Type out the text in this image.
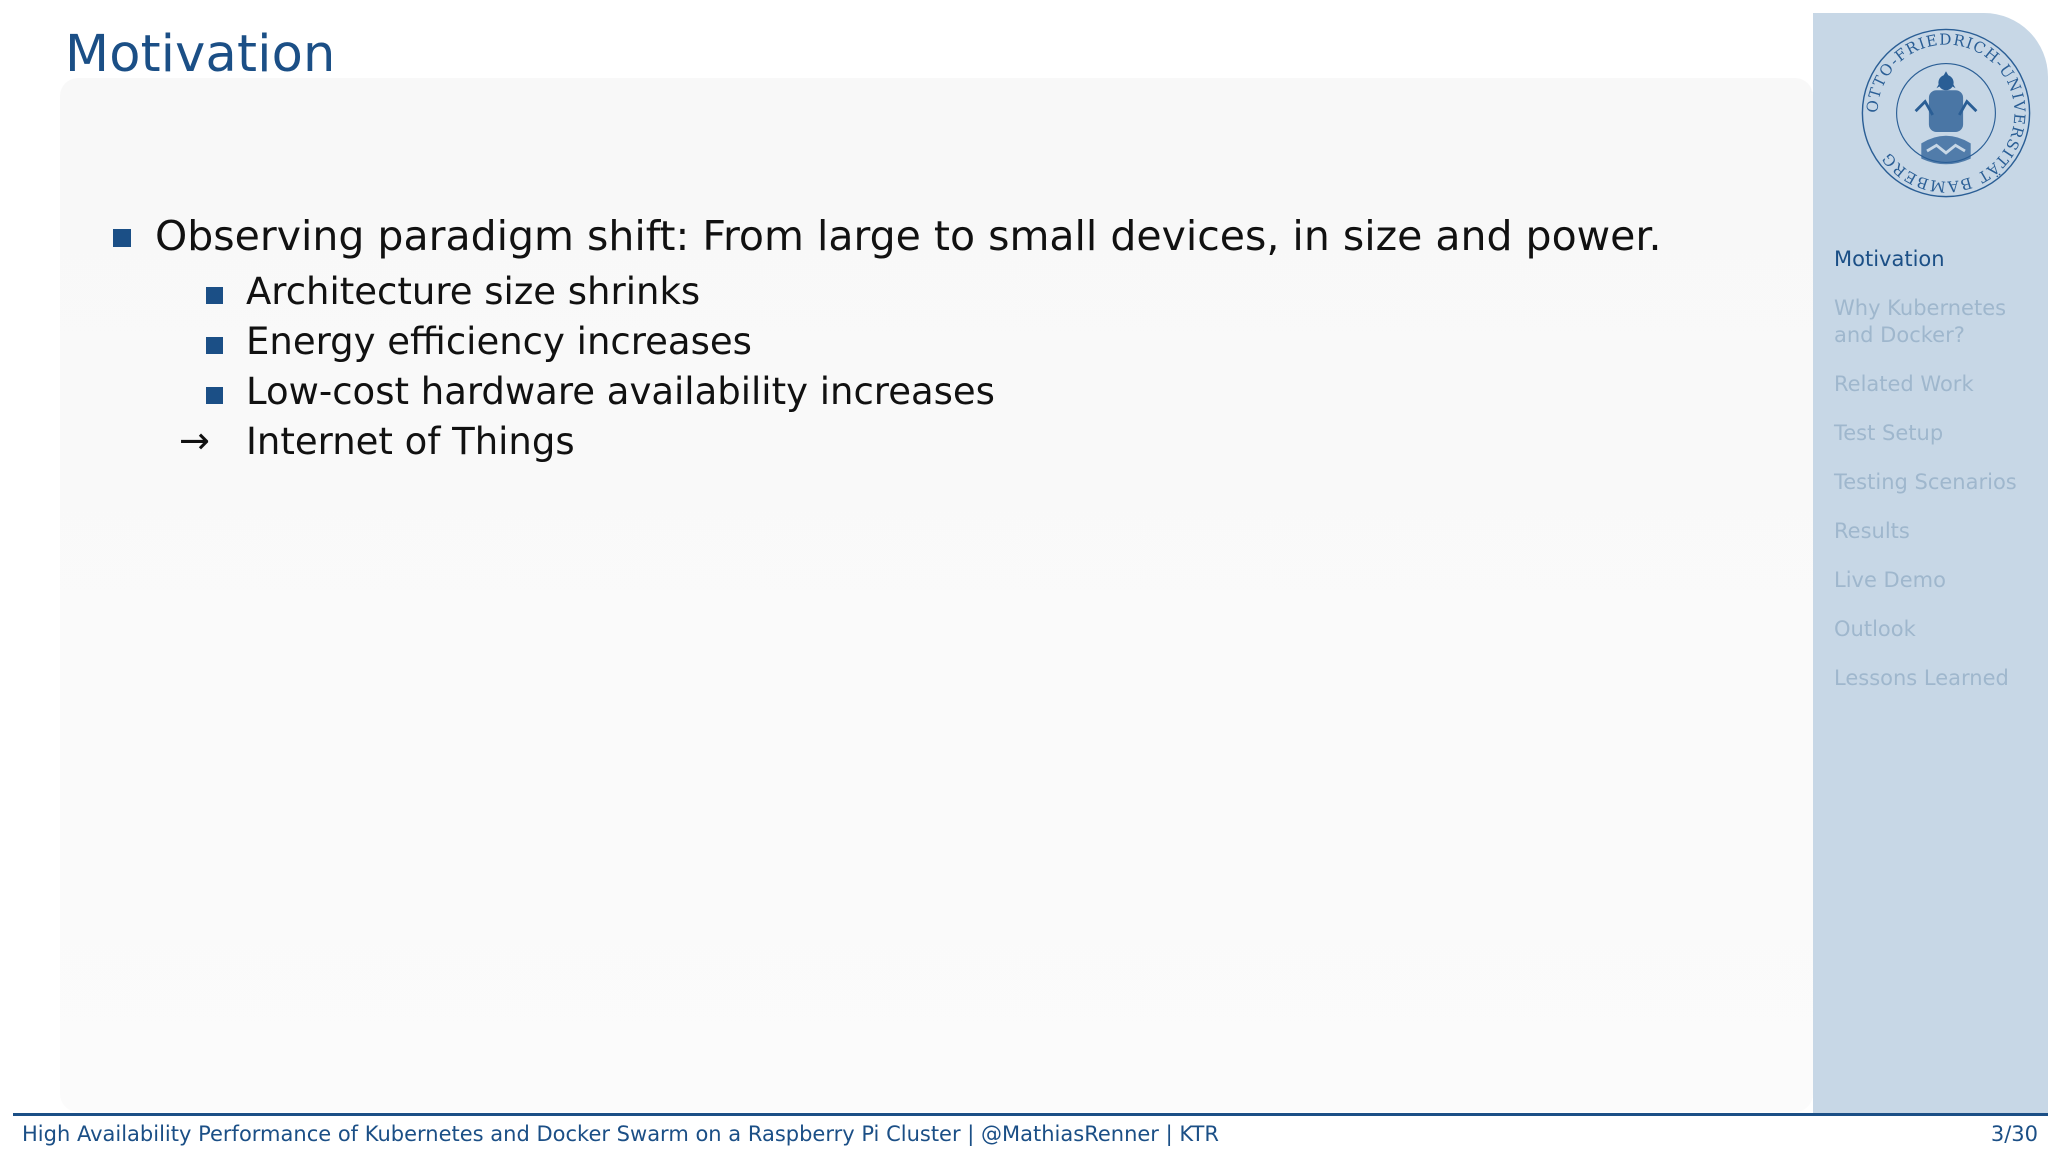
Motivation
Observing paradigm shift: From large to small devices, in size and power.
Architecture size shrinks
Energy efficiency increases
Low-cost hardware availability increases
→ Internet of Things
OTTO-FRIEDRICH-UNIVERSITÄT BAMBERG
Motivation
Why Kubernetes and Docker?
Related Work
Test Setup
Testing Scenarios
Results
Live Demo
Outlook
Lessons Learned
High Availability Performance of Kubernetes and Docker Swarm on a Raspberry Pi Cluster | @MathiasRenner | KTR	3/30
